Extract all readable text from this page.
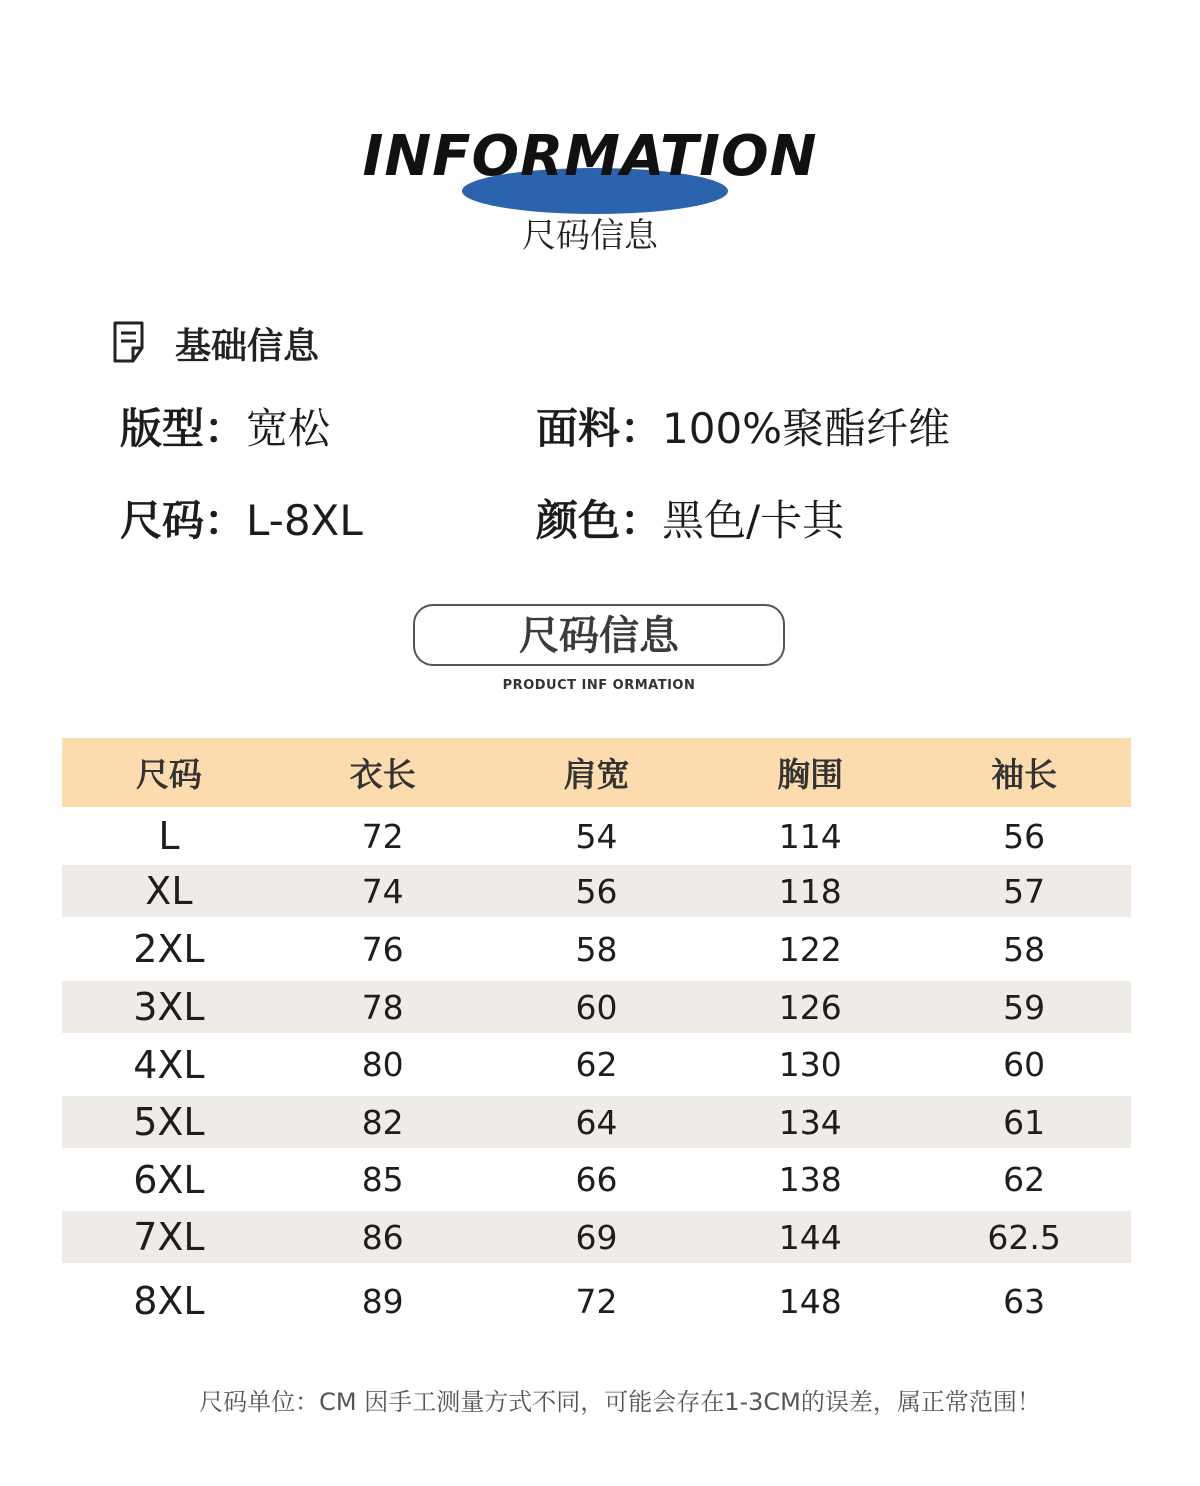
INFORMATION
尺码信息
基础信息
版型：宽松	面料：100%聚酯纤维
尺码：L-8XL	颜色：黑色/卡其
尺码信息
PRODUCT INF ORMATION
尺码	衣长	肩宽	胸围	袖长
L	72	54	114	56
XL	74	56	118	57
2XL	76	58	122	58
3XL	78	60	126	59
4XL	80	62	130	60
5XL	82	64	134	61
6XL	85	66	138	62
7XL	86	69	144	62.5
8XL	89	72	148	63
尺码单位：CM 因手工测量方式不同，可能会存在1-3CM的误差，属正常范围！
